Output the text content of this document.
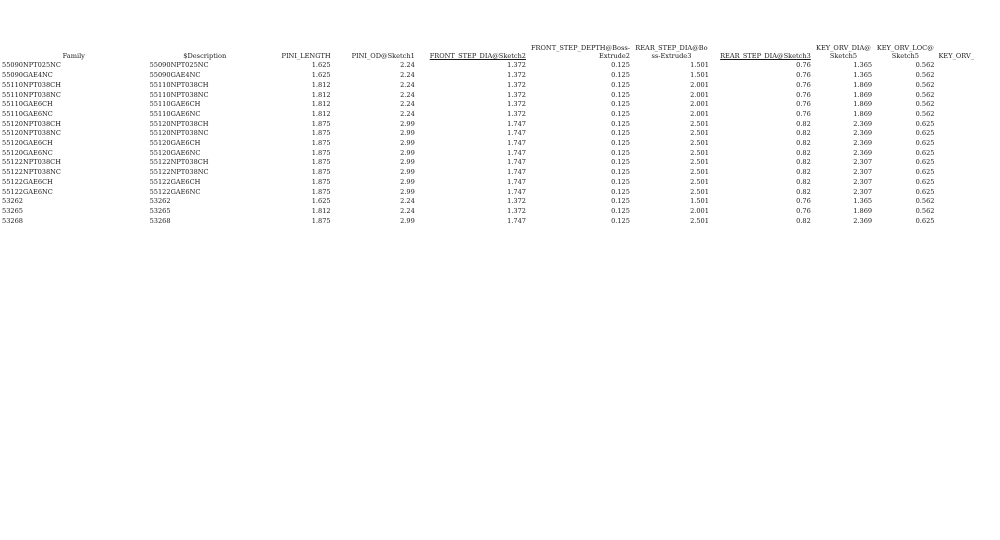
Family	$Description	PINI_LENGTH	PINI_OD@Sketch1	FRONT_STEP_DIA@Sketch2	FRONT_STEP_DEPTH@Boss-Extrude2	REAR_STEP_DIA@Boss-Extrude3	REAR_STEP_DIA@Sketch3	KEY_ORV_DIA@Sketch5	KEY_ORV_LOC@Sketch5	KEY_ORV_
55090NPT025NC	55090NPT025NC	1.625	2.24	1.372	0.125	1.501	0.76	1.365	0.562	
55090GAE4NC	55090GAE4NC	1.625	2.24	1.372	0.125	1.501	0.76	1.365	0.562	
55110NPT038CH	55110NPT038CH	1.812	2.24	1.372	0.125	2.001	0.76	1.869	0.562	
55110NPT038NC	55110NPT038NC	1.812	2.24	1.372	0.125	2.001	0.76	1.869	0.562	
55110GAE6CH	55110GAE6CH	1.812	2.24	1.372	0.125	2.001	0.76	1.869	0.562	
55110GAE6NC	55110GAE6NC	1.812	2.24	1.372	0.125	2.001	0.76	1.869	0.562	
55120NPT038CH	55120NPT038CH	1.875	2.99	1.747	0.125	2.501	0.82	2.369	0.625	
55120NPT038NC	55120NPT038NC	1.875	2.99	1.747	0.125	2.501	0.82	2.369	0.625	
55120GAE6CH	55120GAE6CH	1.875	2.99	1.747	0.125	2.501	0.82	2.369	0.625	
55120GAE6NC	55120GAE6NC	1.875	2.99	1.747	0.125	2.501	0.82	2.369	0.625	
55122NPT038CH	55122NPT038CH	1.875	2.99	1.747	0.125	2.501	0.82	2.307	0.625	
55122NPT038NC	55122NPT038NC	1.875	2.99	1.747	0.125	2.501	0.82	2.307	0.625	
55122GAE6CH	55122GAE6CH	1.875	2.99	1.747	0.125	2.501	0.82	2.307	0.625	
55122GAE6NC	55122GAE6NC	1.875	2.99	1.747	0.125	2.501	0.82	2.307	0.625	
53262	53262	1.625	2.24	1.372	0.125	1.501	0.76	1.365	0.562	
53265	53265	1.812	2.24	1.372	0.125	2.001	0.76	1.869	0.562	
53268	53268	1.875	2.99	1.747	0.125	2.501	0.82	2.369	0.625	
